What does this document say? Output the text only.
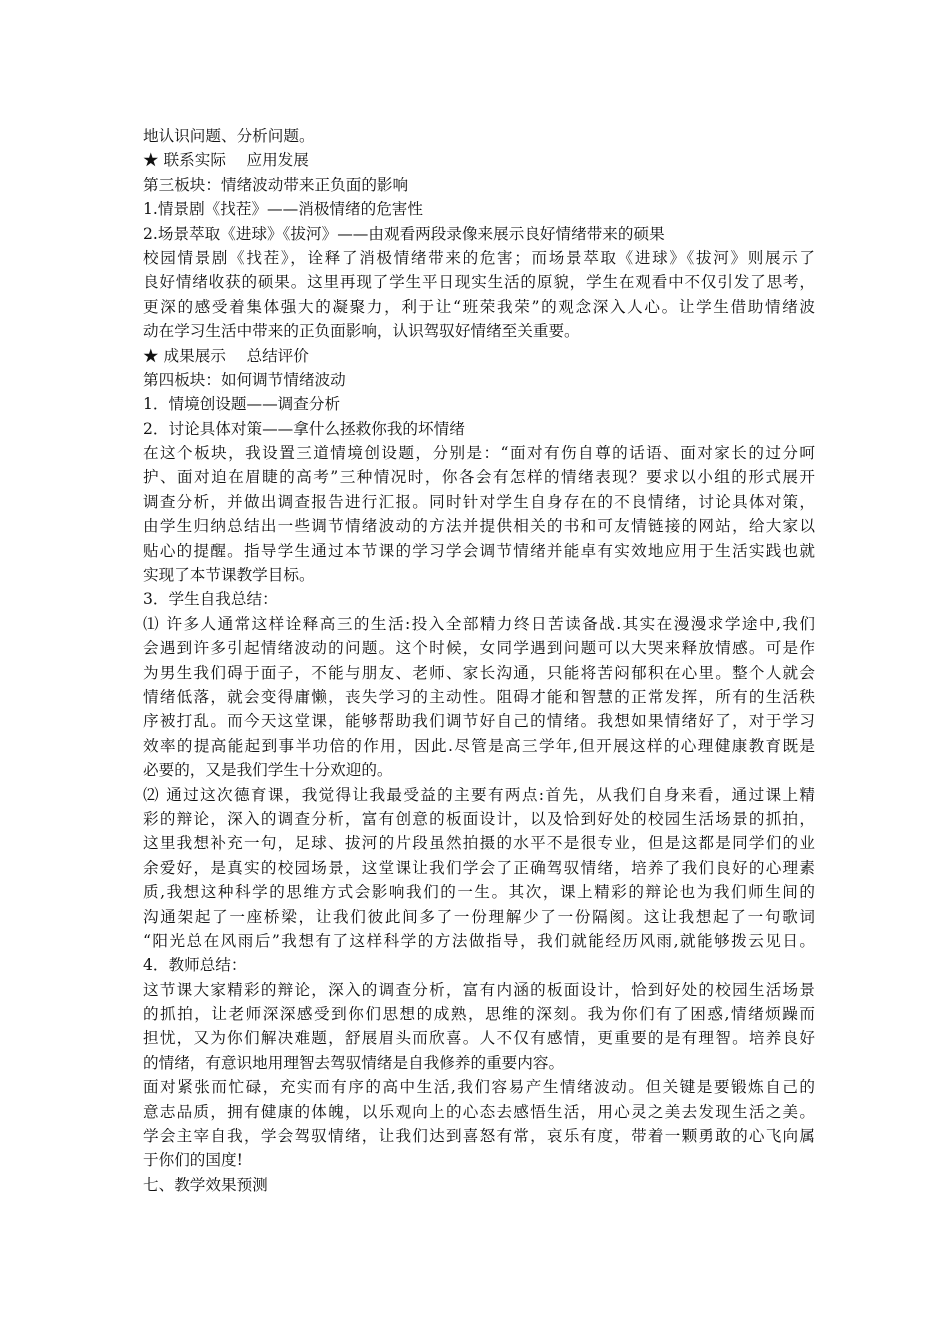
地认识问题、分析问题。
★ 联系实际　 应用发展
第三板块：情绪波动带来正负面的影响
1.情景剧《找茬》——消极情绪的危害性
2.场景萃取《进球》《拔河》——由观看两段录像来展示良好情绪带来的硕果
校园情景剧《找茬》，诠释了消极情绪带来的危害；而场景萃取《进球》《拔河》则展示了
良好情绪收获的硕果。这里再现了学生平日现实生活的原貌，学生在观看中不仅引发了思考，
更深的感受着集体强大的凝聚力，利于让“班荣我荣”的观念深入人心。让学生借助情绪波
动在学习生活中带来的正负面影响，认识驾驭好情绪至关重要。
★ 成果展示　 总结评价
第四板块：如何调节情绪波动
1．情境创设题——调查分析
2．讨论具体对策——拿什么拯救你我的坏情绪
在这个板块，我设置三道情境创设题，分别是：“面对有伤自尊的话语、面对家长的过分呵
护、面对迫在眉睫的高考”三种情况时，你各会有怎样的情绪表现？要求以小组的形式展开
调查分析，并做出调查报告进行汇报。同时针对学生自身存在的不良情绪，讨论具体对策，
由学生归纳总结出一些调节情绪波动的方法并提供相关的书和可友情链接的网站，给大家以
贴心的提醒。指导学生通过本节课的学习学会调节情绪并能卓有实效地应用于生活实践也就
实现了本节课教学目标。
3．学生自我总结：
⑴ 许多人通常这样诠释高三的生活:投入全部精力终日苦读备战.其实在漫漫求学途中,我们
会遇到许多引起情绪波动的问题。这个时候，女同学遇到问题可以大哭来释放情感。可是作
为男生我们碍于面子，不能与朋友、老师、家长沟通，只能将苦闷郁积在心里。整个人就会
情绪低落，就会变得庸懒，丧失学习的主动性。阻碍才能和智慧的正常发挥，所有的生活秩
序被打乱。而今天这堂课，能够帮助我们调节好自己的情绪。我想如果情绪好了，对于学习
效率的提高能起到事半功倍的作用，因此.尽管是高三学年,但开展这样的心理健康教育既是
必要的，又是我们学生十分欢迎的。
⑵ 通过这次德育课，我觉得让我最受益的主要有两点:首先，从我们自身来看，通过课上精
彩的辩论，深入的调查分析，富有创意的板面设计，以及恰到好处的校园生活场景的抓拍，
这里我想补充一句，足球、拔河的片段虽然拍摄的水平不是很专业，但是这都是同学们的业
余爱好，是真实的校园场景，这堂课让我们学会了正确驾驭情绪，培养了我们良好的心理素
质,我想这种科学的思维方式会影响我们的一生。其次，课上精彩的辩论也为我们师生间的
沟通架起了一座桥梁，让我们彼此间多了一份理解少了一份隔阂。这让我想起了一句歌词
“阳光总在风雨后”我想有了这样科学的方法做指导，我们就能经历风雨,就能够拨云见日。
4．教师总结：
这节课大家精彩的辩论，深入的调查分析，富有内涵的板面设计，恰到好处的校园生活场景
的抓拍，让老师深深感受到你们思想的成熟，思维的深刻。我为你们有了困惑,情绪烦躁而
担忧，又为你们解决难题，舒展眉头而欣喜。人不仅有感情，更重要的是有理智。培养良好
的情绪，有意识地用理智去驾驭情绪是自我修养的重要内容。
面对紧张而忙碌，充实而有序的高中生活,我们容易产生情绪波动。但关键是要锻炼自己的
意志品质，拥有健康的体魄，以乐观向上的心态去感悟生活，用心灵之美去发现生活之美。
学会主宰自我，学会驾驭情绪，让我们达到喜怒有常，哀乐有度，带着一颗勇敢的心飞向属
于你们的国度!
七、教学效果预测
